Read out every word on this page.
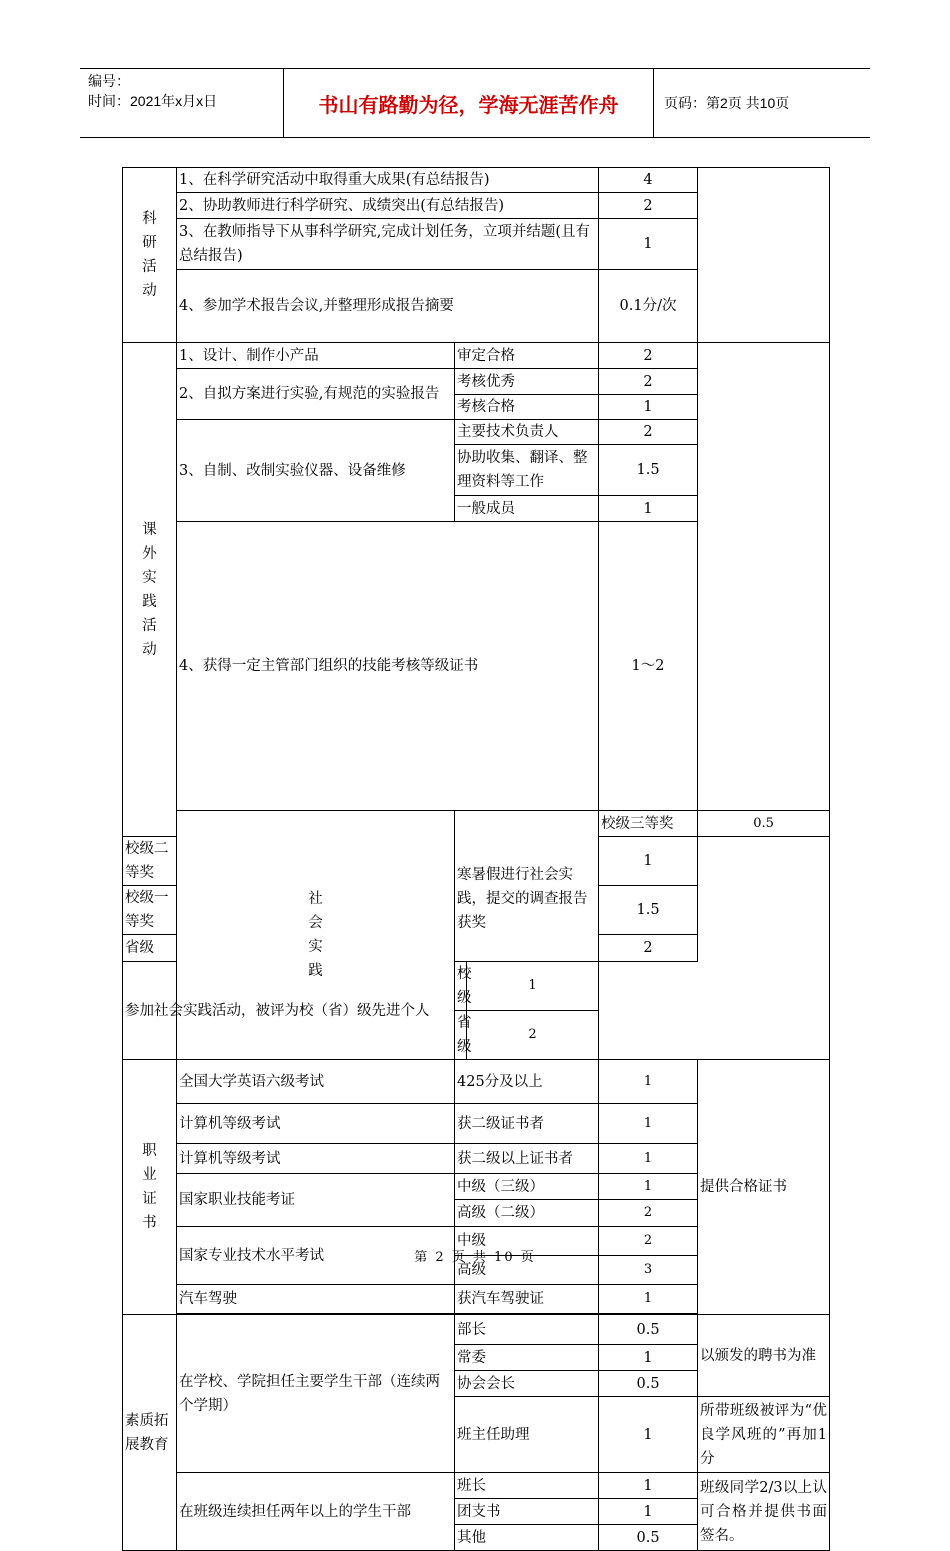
编号：
时间：2021年x月x日	书山有路勤为径，学海无涯苦作舟	页码：第2页 共10页
科研活动	1、在科学研究活动中取得重大成果(有总结报告)			4		
	2、协助教师进行科学研究、成绩突出(有总结报告)			2		
	3、在教师指导下从事科学研究,完成计划任务，立项并结题(且有总结报告)			1		
	4、参加学术报告会议,并整理形成报告摘要			0.1分/次		
课外实践活动	1、设计、制作小产品	审定合格		2		
	2、自拟方案进行实验,有规范的实验报告	考核优秀		2		
		考核合格		1		
	3、自制、改制实验仪器、设备维修	主要技术负责人		2		
		协助收集、翻译、整理资料等工作		1.5		
		一般成员		1		
	4、获得一定主管部门组织的技能考核等级证书			1～2	
	社会实践	寒暑假进行社会实践，提交的调查报告获奖		校级三等奖	0.5	
校级二等奖				1		
校级一等奖				1.5		
省级				2		
参加社会实践活动，被评为校（省）级先进个人		校级	1			
		省级	2			
职业证书	全国大学英语六级考试	425分及以上		1	提供合格证书	
	计算机等级考试	获二级证书者		1		
	计算机等级考试	获二级以上证书者		1		
	国家职业技能考证	中级（三级）		1		
		高级（二级）		2		
	国家专业技术水平考试	中级		2		
		高级		3		
	汽车驾驶	获汽车驾驶证		1		

素质拓展教育	在学校、学院担任主要学生干部（连续两个学期）	部长		0.5	以颁发的聘书为准	
		常委		1		
		协会会长		0.5		
		班主任助理		1	所带班级被评为“优良学风班的”再加1分	
	在班级连续担任两年以上的学生干部	班长		1	班级同学2/3以上认可合格并提供书面签名。	
		团支书		1		
		其他		0.5		
第 2 页 共 10 页
